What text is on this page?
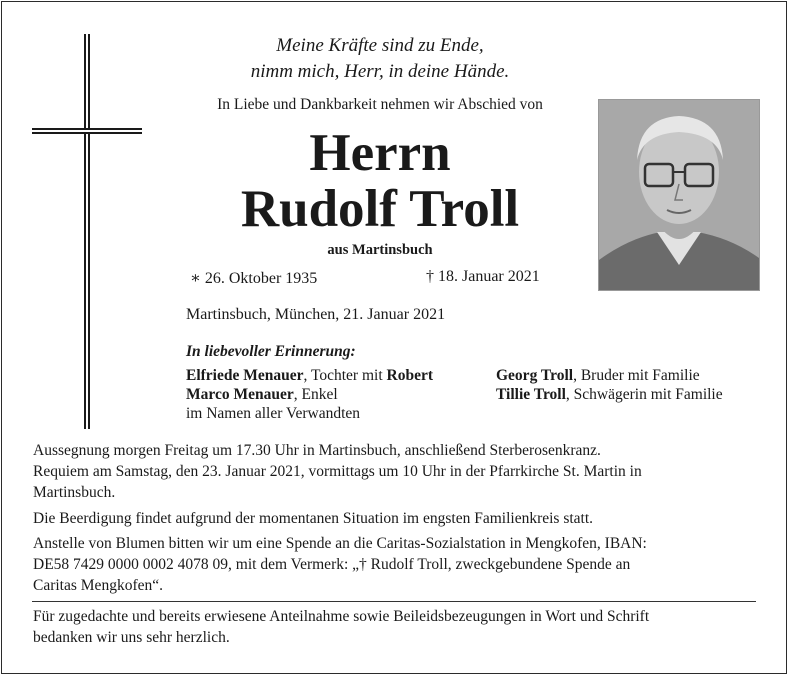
Meine Kräfte sind zu Ende,
nimm mich, Herr, in deine Hände.
In Liebe und Dankbarkeit nehmen wir Abschied von
Herrn
Rudolf Troll
aus Martinsbuch
∗ 26. Oktober 1935	† 18. Januar 2021
Martinsbuch, München, 21. Januar 2021
In liebevoller Erinnerung:
Elfriede Menauer, Tochter mit Robert
Marco Menauer, Enkel
im Namen aller Verwandten
Georg Troll, Bruder mit Familie
Tillie Troll, Schwägerin mit Familie
Aussegnung morgen Freitag um 17.30 Uhr in Martinsbuch, anschließend Sterberosenkranz.
Requiem am Samstag, den 23. Januar 2021, vormittags um 10 Uhr in der Pfarrkirche St. Martin in
Martinsbuch.
Die Beerdigung findet aufgrund der momentanen Situation im engsten Familienkreis statt.
Anstelle von Blumen bitten wir um eine Spende an die Caritas-Sozialstation in Mengkofen, IBAN:
DE58 7429 0000 0002 4078 09, mit dem Vermerk: „† Rudolf Troll, zweckgebundene Spende an
Caritas Mengkofen“.
Für zugedachte und bereits erwiesene Anteilnahme sowie Beileidsbezeugungen in Wort und Schrift
bedanken wir uns sehr herzlich.
